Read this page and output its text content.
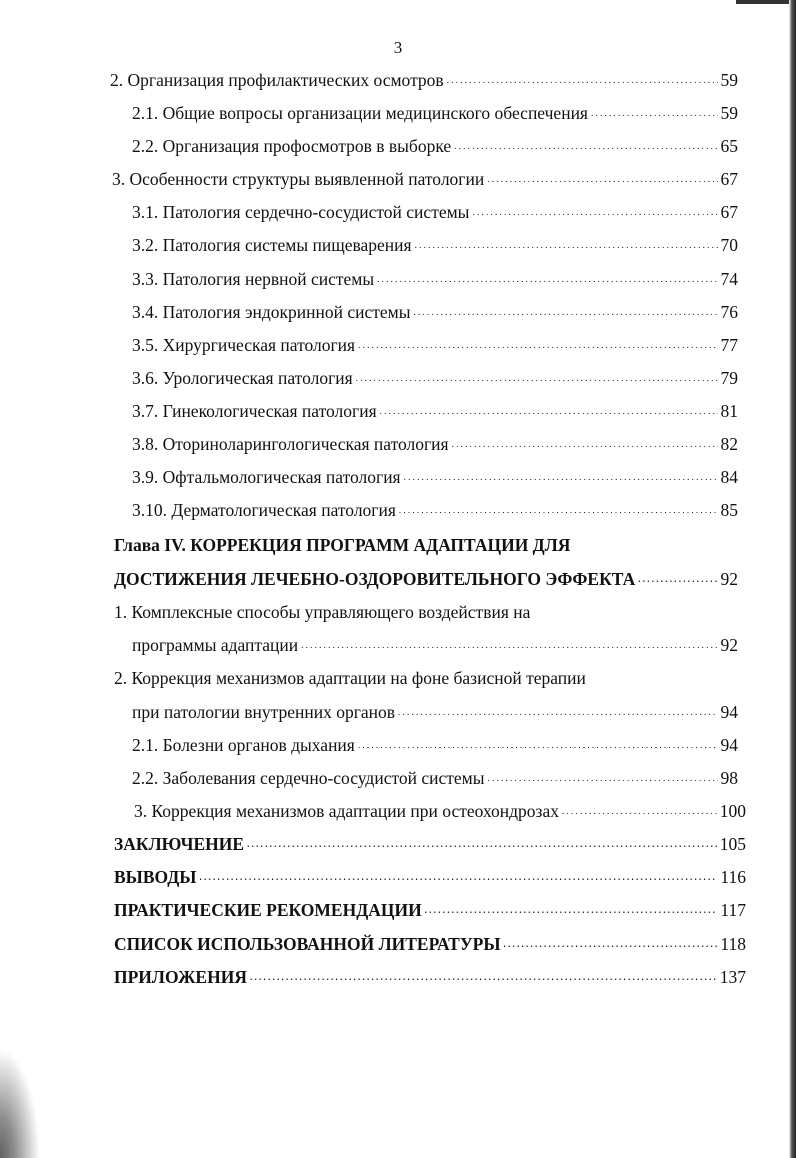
3
2. Организация профилактических осмотров . . .	59
2.1. Общие вопросы организации медицинского обеспечения . . .	59
2.2. Организация профосмотров в выборке . . .	65
3. Особенности структуры выявленной патологии . . .	67
3.1. Патология сердечно-сосудистой системы . . .	67
3.2. Патология системы пищеварения . . .	70
3.3. Патология нервной системы . . .	74
3.4. Патология эндокринной системы . . .	76
3.5. Хирургическая патология . . .	77
3.6. Урологическая патология . . .	79
3.7. Гинекологическая патология . . .	81
3.8. Оториноларингологическая патология . . .	82
3.9. Офтальмологическая патология . . .	84
3.10. Дерматологическая патология . . .	85
Глава IV. КОРРЕКЦИЯ ПРОГРАММ АДАПТАЦИИ ДЛЯ
ДОСТИЖЕНИЯ ЛЕЧЕБНО-ОЗДОРОВИТЕЛЬНОГО ЭФФЕКТА . . .	92
1. Комплексные способы управляющего воздействия на
программы адаптации . . .	92
2. Коррекция механизмов адаптации на фоне базисной терапии
при патологии внутренних органов . . .	94
2.1. Болезни органов дыхания . . .	94
2.2. Заболевания сердечно-сосудистой системы . . .	98
3. Коррекция механизмов адаптации при остеохондрозах . . .	100
ЗАКЛЮЧЕНИЕ . . .	105
ВЫВОДЫ . . .	116
ПРАКТИЧЕСКИЕ РЕКОМЕНДАЦИИ . . .	117
СПИСОК ИСПОЛЬЗОВАННОЙ ЛИТЕРАТУРЫ . . .	118
ПРИЛОЖЕНИЯ . . .	137
